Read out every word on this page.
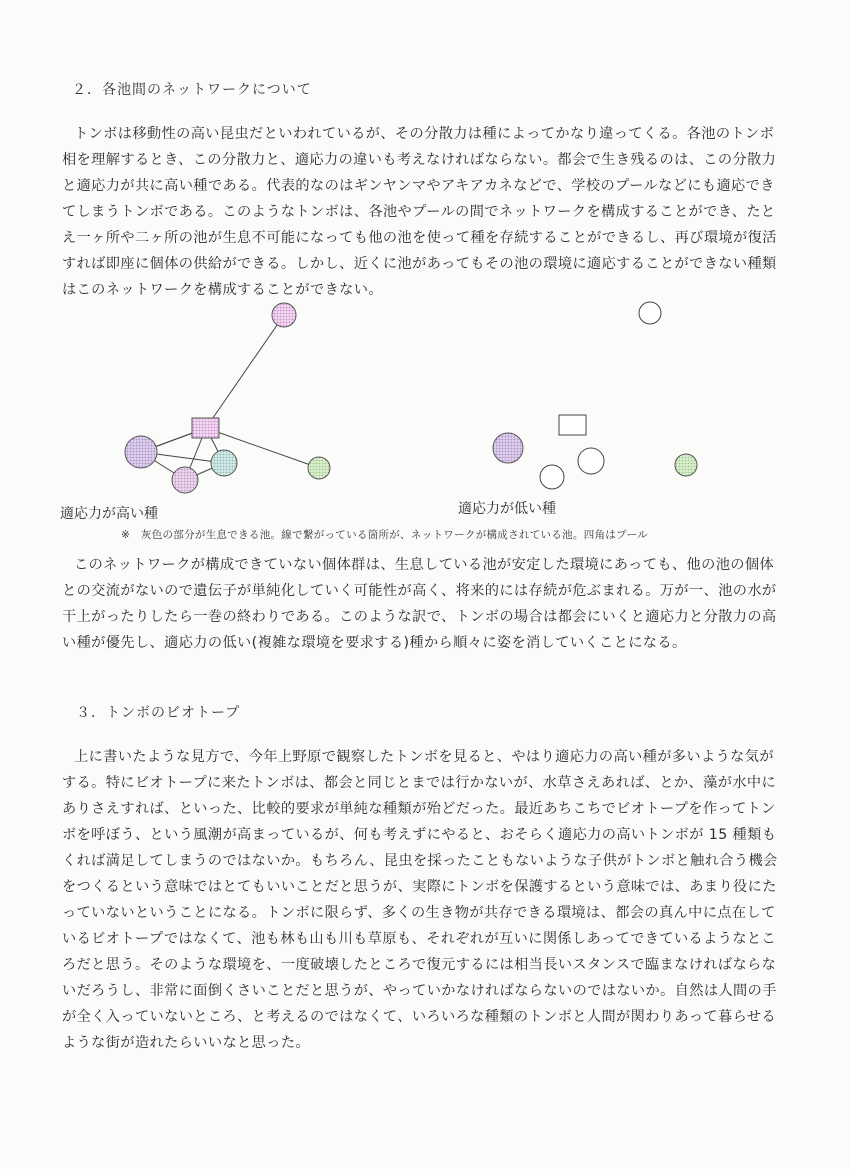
２．各池間のネットワークについて
トンボは移動性の高い昆虫だといわれているが、その分散力は種によってかなり違ってくる。各池のトンボ
相を理解するとき、この分散力と、適応力の違いも考えなければならない。都会で生き残るのは、この分散力
と適応力が共に高い種である。代表的なのはギンヤンマやアキアカネなどで、学校のプールなどにも適応でき
てしまうトンボである。このようなトンボは、各池やプールの間でネットワークを構成することができ、たと
え一ヶ所や二ヶ所の池が生息不可能になっても他の池を使って種を存続することができるし、再び環境が復活
すれば即座に個体の供給ができる。しかし、近くに池があってもその池の環境に適応することができない種類
はこのネットワークを構成することができない。
適応力が高い種	適応力が低い種
※　灰色の部分が生息できる池。線で繋がっている箇所が、ネットワークが構成されている池。四角はプール
このネットワークが構成できていない個体群は、生息している池が安定した環境にあっても、他の池の個体
との交流がないので遺伝子が単純化していく可能性が高く、将来的には存続が危ぶまれる。万が一、池の水が
干上がったりしたら一巻の終わりである。このような訳で、トンボの場合は都会にいくと適応力と分散力の高
い種が優先し、適応力の低い(複雑な環境を要求する)種から順々に姿を消していくことになる。
３．トンボのビオトープ
上に書いたような見方で、今年上野原で観察したトンボを見ると、やはり適応力の高い種が多いような気が
する。特にビオトープに来たトンボは、都会と同じとまでは行かないが、水草さえあれば、とか、藻が水中に
ありさえすれば、といった、比較的要求が単純な種類が殆どだった。最近あちこちでビオトープを作ってトン
ボを呼ぼう、という風潮が高まっているが、何も考えずにやると、おそらく適応力の高いトンボが 15 種類も
くれば満足してしまうのではないか。もちろん、昆虫を採ったこともないような子供がトンボと触れ合う機会
をつくるという意味ではとてもいいことだと思うが、実際にトンボを保護するという意味では、あまり役にた
っていないということになる。トンボに限らず、多くの生き物が共存できる環境は、都会の真ん中に点在して
いるビオトープではなくて、池も林も山も川も草原も、それぞれが互いに関係しあってできているようなとこ
ろだと思う。そのような環境を、一度破壊したところで復元するには相当長いスタンスで臨まなければならな
いだろうし、非常に面倒くさいことだと思うが、やっていかなければならないのではないか。自然は人間の手
が全く入っていないところ、と考えるのではなくて、いろいろな種類のトンボと人間が関わりあって暮らせる
ような街が造れたらいいなと思った。
